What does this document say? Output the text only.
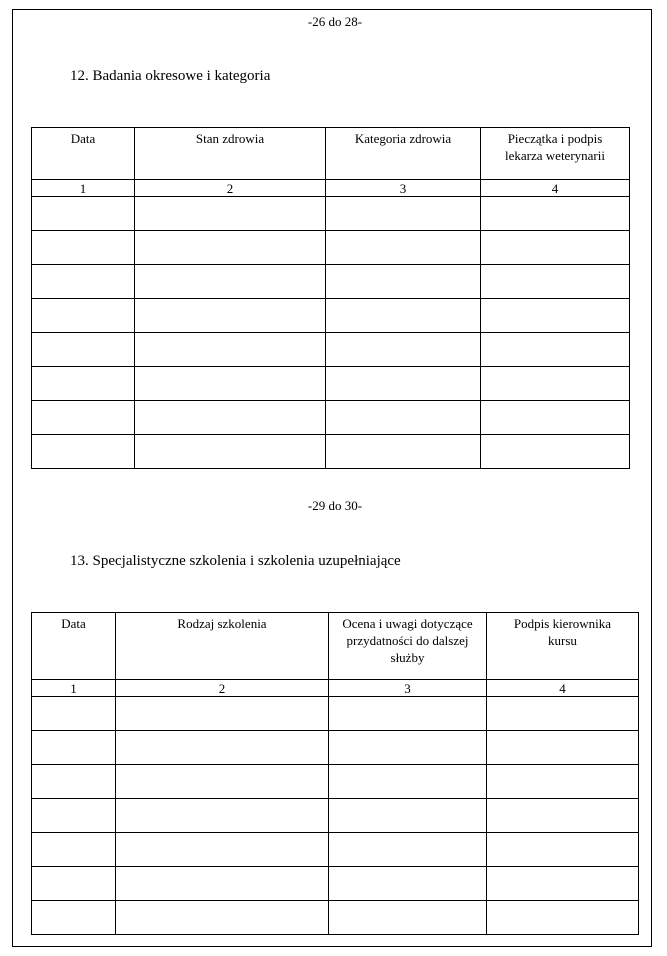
-26 do 28-
12. Badania okresowe i kategoria
Data	Stan zdrowia	Kategoria zdrowia	Pieczątka i podpis lekarza weterynarii
1	2	3	4

-29 do 30-
13. Specjalistyczne szkolenia i szkolenia uzupełniające
Data	Rodzaj szkolenia	Ocena i uwagi dotyczące przydatności do dalszej służby	Podpis kierownika kursu
1	2	3	4
